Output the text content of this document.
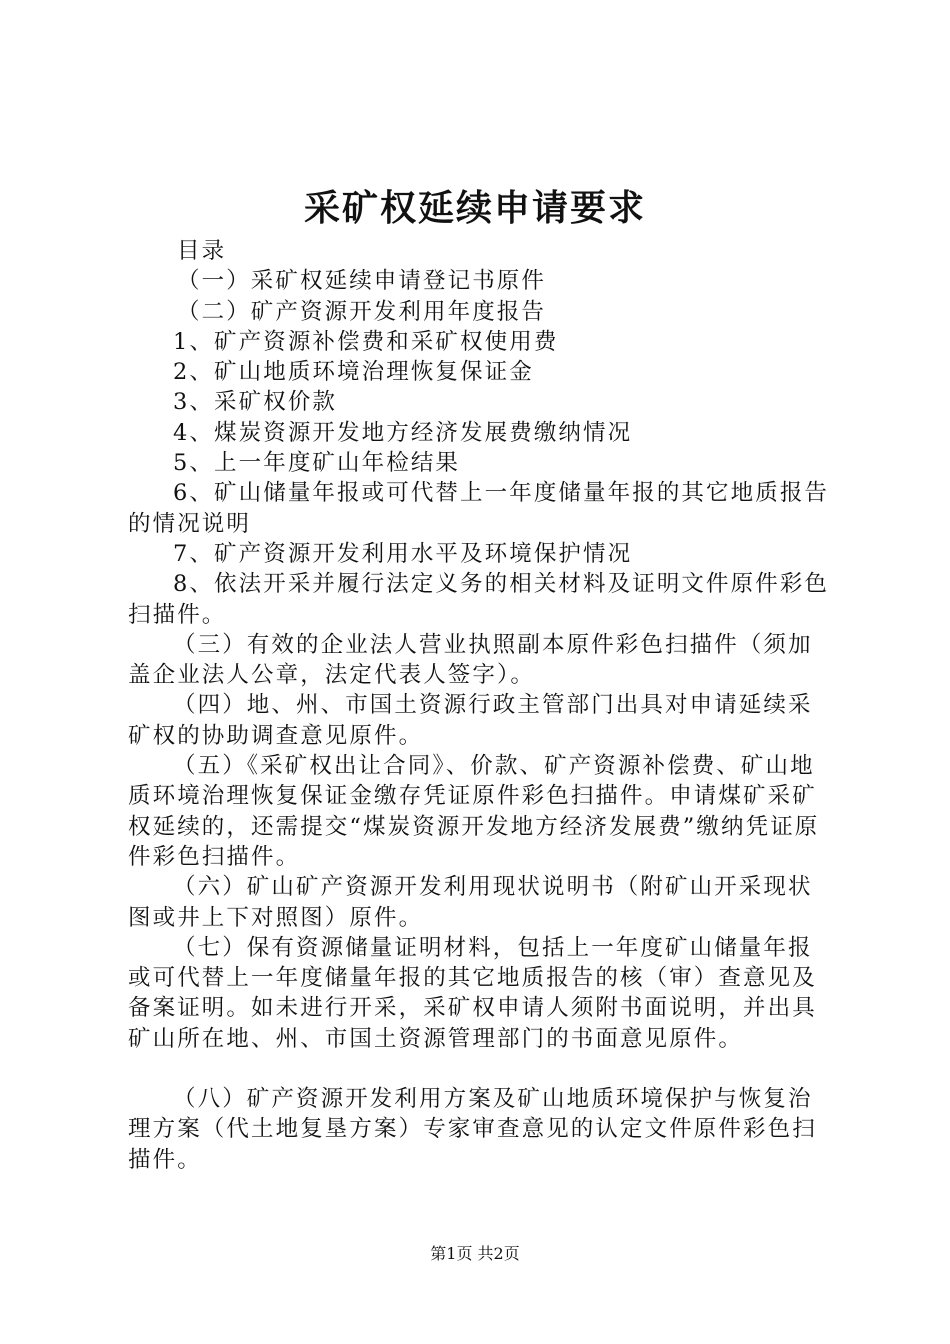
采矿权延续申请要求

目录

（一）采矿权延续申请登记书原件

（二）矿产资源开发利用年度报告

1、矿产资源补偿费和采矿权使用费

2、矿山地质环境治理恢复保证金

3、采矿权价款

4、煤炭资源开发地方经济发展费缴纳情况

5、上一年度矿山年检结果

6、矿山储量年报或可代替上一年度储量年报的其它地质报告的情况说明

7、矿产资源开发利用水平及环境保护情况

8、依法开采并履行法定义务的相关材料及证明文件原件彩色扫描件。

（三）有效的企业法人营业执照副本原件彩色扫描件（须加盖企业法人公章，法定代表人签字）。

（四）地、州、市国土资源行政主管部门出具对申请延续采矿权的协助调查意见原件。

（五）《采矿权出让合同》、价款、矿产资源补偿费、矿山地质环境治理恢复保证金缴存凭证原件彩色扫描件。申请煤矿采矿权延续的，还需提交“煤炭资源开发地方经济发展费”缴纳凭证原件彩色扫描件。

（六）矿山矿产资源开发利用现状说明书（附矿山开采现状图或井上下对照图）原件。

（七）保有资源储量证明材料，包括上一年度矿山储量年报或可代替上一年度储量年报的其它地质报告的核（审）查意见及备案证明。如未进行开采，采矿权申请人须附书面说明，并出具矿山所在地、州、市国土资源管理部门的书面意见原件。

（八）矿产资源开发利用方案及矿山地质环境保护与恢复治理方案（代土地复垦方案）专家审查意见的认定文件原件彩色扫描件。

第1页 共2页
